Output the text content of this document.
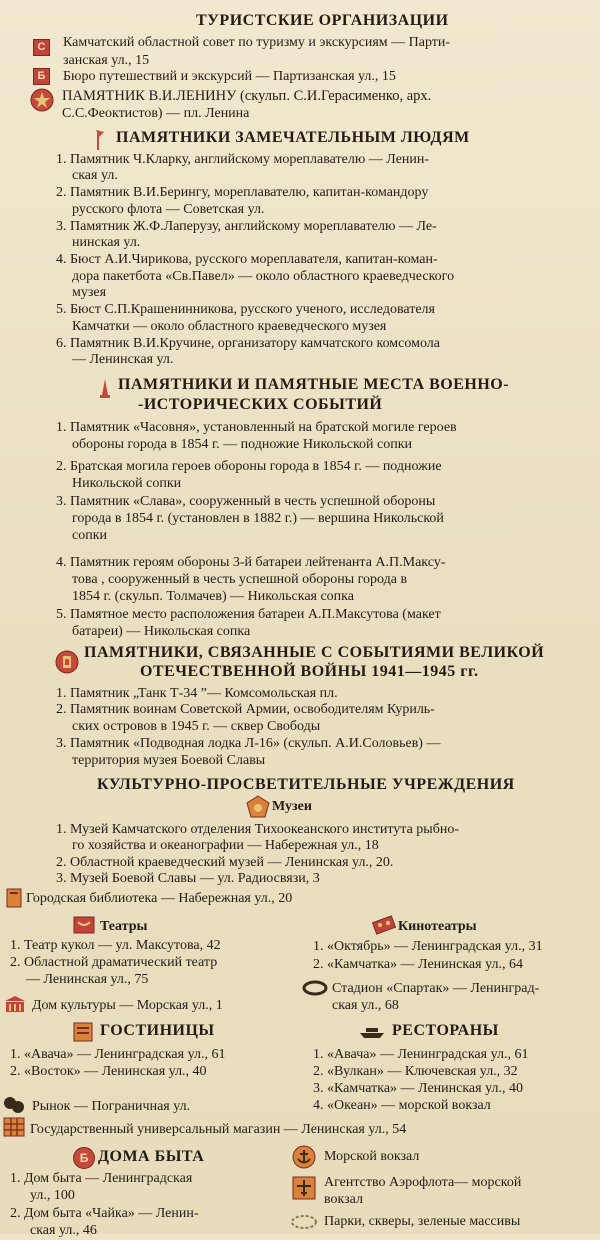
ТУРИСТСКИЕ ОРГАНИЗАЦИИ
С	Камчатский областной совет по туризму и экскурсиям — Парти-
занская ул., 15
Б	Бюро путешествий и экскурсий — Партизанская ул., 15
ПАМЯТНИК В.И.ЛЕНИНУ (скульп. С.И.Герасименко, арх.
С.С.Феоктистов) — пл. Ленина
ПАМЯТНИКИ ЗАМЕЧАТЕЛЬНЫМ ЛЮДЯМ
1. Памятник Ч.Кларку, английскому мореплавателю — Ленин-
ская ул.
2. Памятник В.И.Берингу, мореплавателю, капитан-командору
русского флота — Советская ул.
3. Памятник Ж.Ф.Лаперузу, английскому мореплавателю — Ле-
нинская ул.
4. Бюст А.И.Чирикова, русского мореплавателя, капитан-коман-
дора пакетбота «Св.Павел» — около областного краеведческого
музея
5. Бюст С.П.Крашенинникова, русского ученого, исследователя
Камчатки — около областного краеведческого музея
6. Памятник В.И.Кручине, организатору камчатского комсомола
— Ленинская ул.
ПАМЯТНИКИ И ПАМЯТНЫЕ МЕСТА ВОЕННО-
-ИСТОРИЧЕСКИХ СОБЫТИЙ
1. Памятник «Часовня», установленный на братской могиле героев
обороны города в 1854 г. — подножие Никольской сопки
2. Братская могила героев обороны города в 1854 г. — подножие
Никольской сопки
3. Памятник «Слава», сооруженный в честь успешной обороны
города в 1854 г. (установлен в 1882 г.) — вершина Никольской
сопки
4. Памятник героям обороны 3-й батареи лейтенанта А.П.Максу-
това , сооруженный в честь успешной обороны города в
1854 г. (скульп. Толмачев) — Никольская сопка
5. Памятное место расположения батареи А.П.Максутова (макет
батареи) — Никольская сопка
ПАМЯТНИКИ, СВЯЗАННЫЕ С СОБЫТИЯМИ ВЕЛИКОЙ
ОТЕЧЕСТВЕННОЙ ВОЙНЫ 1941—1945 гг.
1. Памятник „Танк Т-34 ”— Комсомольская пл.
2. Памятник воинам Советской Армии, освободителям Куриль-
ских островов в 1945 г. — сквер Свободы
3. Памятник «Подводная лодка Л-16» (скульп. А.И.Соловьев) —
территория музея Боевой Славы
КУЛЬТУРНО-ПРОСВЕТИТЕЛЬНЫЕ УЧРЕЖДЕНИЯ
Музеи
1. Музей Камчатского отделения Тихоокеанского института рыбно-
го хозяйства и океанографии — Набережная ул., 18
2. Областной краеведческий музей — Ленинская ул., 20.
3. Музей Боевой Славы — ул. Радиосвязи, 3
Городская библиотека — Набережная ул., 20
Театры
1. Театр кукол — ул. Максутова, 42
2. Областной драматический театр
— Ленинская ул., 75
Кинотеатры
1. «Октябрь» — Ленинградская ул., 31
2. «Камчатка» — Ленинская ул., 64
Дом культуры — Морская ул., 1
Стадион «Спартак» — Ленинград-
ская ул., 68
ГОСТИНИЦЫ
1. «Авача» — Ленинградская ул., 61
2. «Восток» — Ленинская ул., 40
РЕСТОРАНЫ
1. «Авача» — Ленинградская ул., 61
2. «Вулкан» — Ключевская ул., 32
3. «Камчатка» — Ленинская ул., 40
4. «Океан» — морской вокзал
Рынок — Пограничная ул.
Государственный универсальный магазин — Ленинская ул., 54
Б ДОМА БЫТА
1. Дом быта — Ленинградская
ул., 100
2. Дом быта «Чайка» — Ленин-
ская ул., 46
Морской вокзал
Агентство Аэрофлота— морской
вокзал
Парки, скверы, зеленые массивы
